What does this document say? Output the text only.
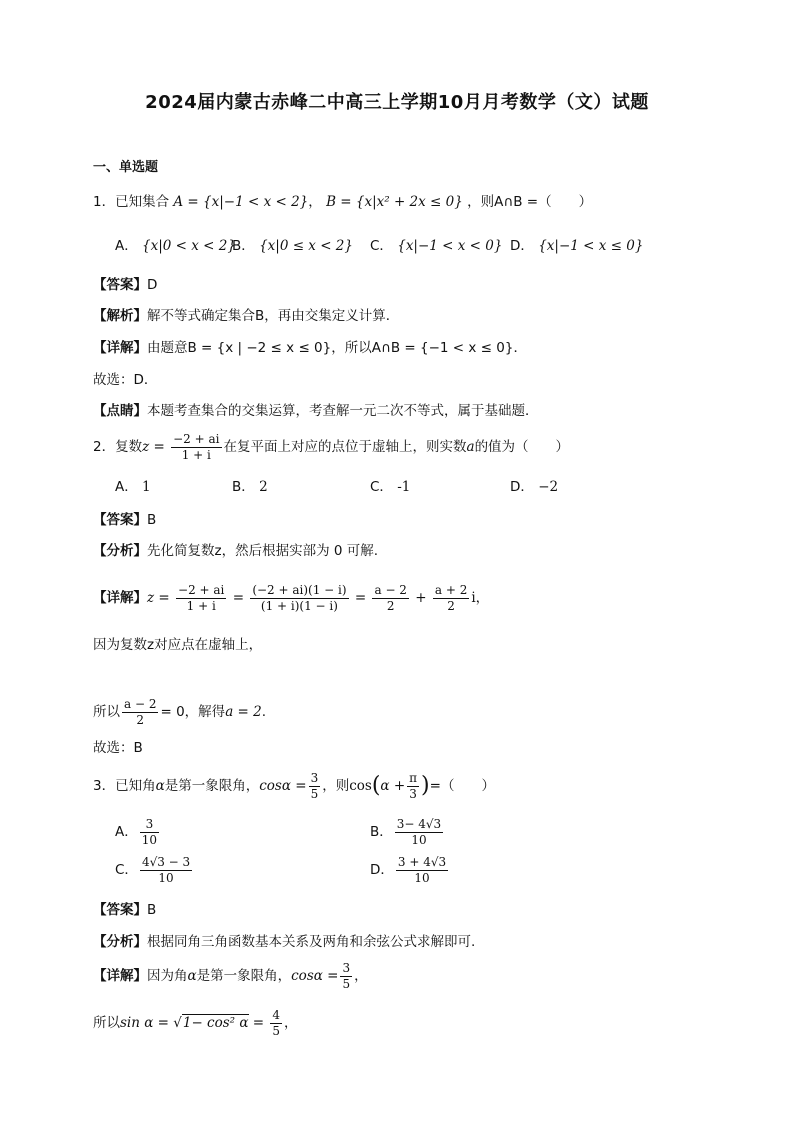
2024届内蒙古赤峰二中高三上学期10月月考数学（文）试题
一、单选题
1．已知集合 A = {x|−1 < x < 2}， B = {x|x² + 2x ≤ 0} ，则A∩B =（　　）
A． {x|0 < x < 2}
B． {x|0 ≤ x < 2} C． {x|−1 < x < 0} D． {x|−1 < x ≤ 0}
【答案】D
【解析】解不等式确定集合B，再由交集定义计算．
【详解】由题意B = {x | −2 ≤ x ≤ 0}，所以A∩B = {−1 < x ≤ 0}．
故选：D．
【点睛】本题考查集合的交集运算，考查解一元二次不等式，属于基础题．
2．复数$z = \frac{-2 + ai}{1 + i}$ 在复平面上对应的点位于虚轴上，则实数a的值为（　　）
A． 1	B． 2	C． -1	D． −2
【答案】B
【分析】先化简复数z，然后根据实部为 0 可解.
【详解】$z = \frac{-2 + ai}{1 + i} = \frac{(-2 + ai)(1 - i)}{(1 + i)(1 - i)} = \frac{a - 2}{2} + \frac{a + 2}{2}$ i，
因为复数z对应点在虚轴上，
所以 $\frac{a - 2}{2} = 0$，解得a = 2.
故选：B
3．已知角α是第一象限角，$\cos\alpha = \frac{3}{5}$ ，则$\cos(\alpha + \frac{\pi}{3}$ )=（　　）
A． $\frac{3}{10}$	B． $\frac{3- 4√3}{10}$
C． $\frac{4√3 - 3}{10}$	D． $\frac{3 + 4√3}{10}$
【答案】B
【分析】根据同角三角函数基本关系及两角和余弦公式求解即可.
【详解】因为角α是第一象限角，$\cos\alpha = \frac{3}{5}$ ，
所以sin α = √1− cos² $\alpha = \frac{4}{5}$ ，
